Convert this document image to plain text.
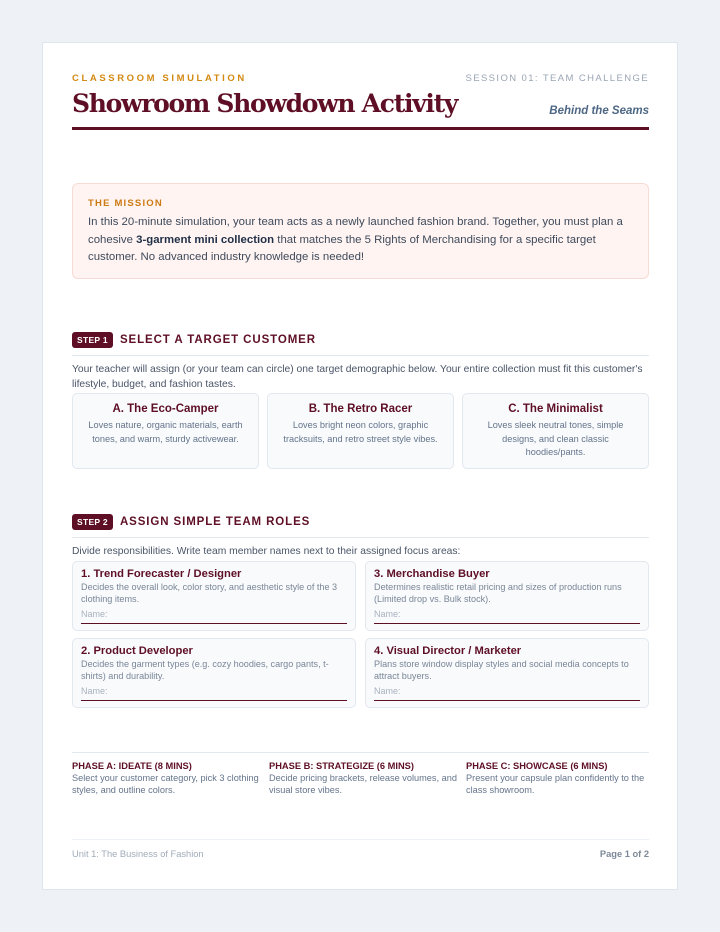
CLASSROOM SIMULATION	SESSION 01: TEAM CHALLENGE
Showroom Showdown Activity	Behind the Seams
THE MISSION

In this 20-minute simulation, your team acts as a newly launched fashion brand. Together, you must plan a cohesive 3-garment mini collection that matches the 5 Rights of Merchandising for a specific target customer. No advanced industry knowledge is needed!

STEP 1	SELECT A TARGET CUSTOMER

Your teacher will assign (or your team can circle) one target demographic below. Your entire collection must fit this customer's lifestyle, budget, and fashion tastes.

A. The Eco-Camper
Loves nature, organic materials, earth tones, and warm, sturdy activewear.
B. The Retro Racer
Loves bright neon colors, graphic tracksuits, and retro street style vibes.
C. The Minimalist
Loves sleek neutral tones, simple designs, and clean classic hoodies/pants.
STEP 2	ASSIGN SIMPLE TEAM ROLES

Divide responsibilities. Write team member names next to their assigned focus areas:

1. Trend Forecaster / Designer
Decides the overall look, color story, and aesthetic style of the 3 clothing items.
Name:
3. Merchandise Buyer
Determines realistic retail pricing and sizes of production runs (Limited drop vs. Bulk stock).
Name:
2. Product Developer
Decides the garment types (e.g. cozy hoodies, cargo pants, t-shirts) and durability.
Name:
4. Visual Director / Marketer
Plans store window display styles and social media concepts to attract buyers.
Name:
PHASE A: IDEATE (8 MINS)
Select your customer category, pick 3 clothing styles, and outline colors.
PHASE B: STRATEGIZE (6 MINS)
Decide pricing brackets, release volumes, and visual store vibes.
PHASE C: SHOWCASE (6 MINS)
Present your capsule plan confidently to the class showroom.
Unit 1: The Business of Fashion	Page 1 of 2
